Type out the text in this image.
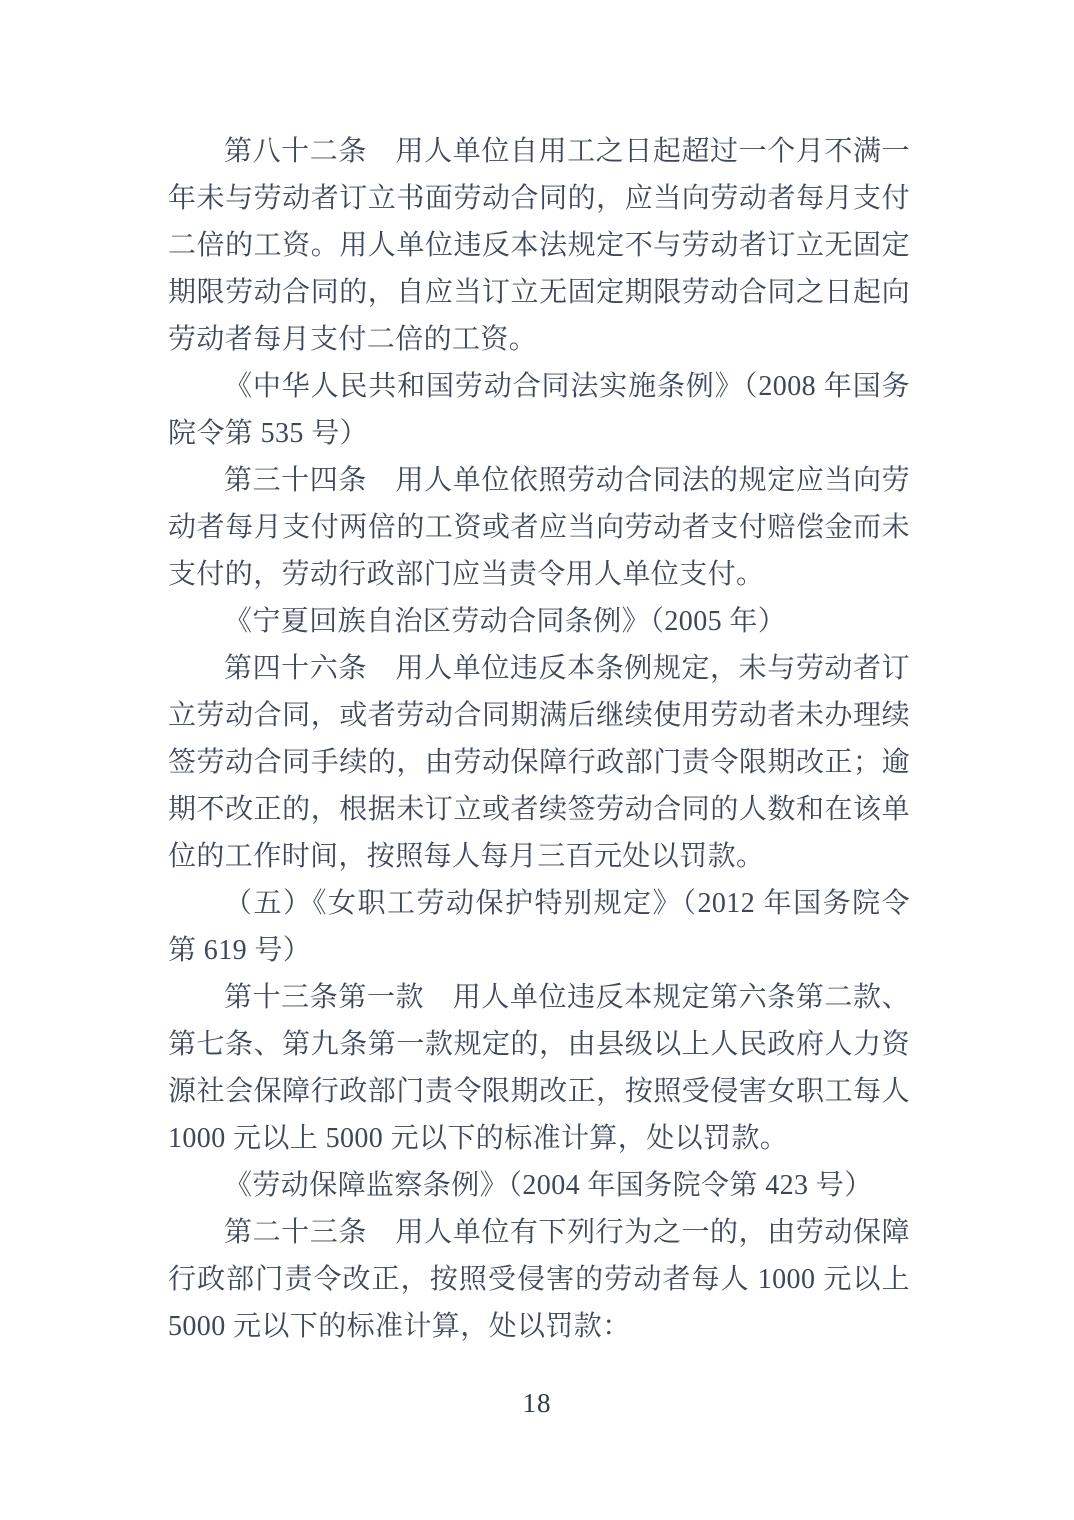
第八十二条　用人单位自用工之日起超过一个月不满一年未与劳动者订立书面劳动合同的，应当向劳动者每月支付二倍的工资。用人单位违反本法规定不与劳动者订立无固定期限劳动合同的，自应当订立无固定期限劳动合同之日起向劳动者每月支付二倍的工资。

《中华人民共和国劳动合同法实施条例》（2008 年国务院令第 535 号）

第三十四条　用人单位依照劳动合同法的规定应当向劳动者每月支付两倍的工资或者应当向劳动者支付赔偿金而未支付的，劳动行政部门应当责令用人单位支付。

《宁夏回族自治区劳动合同条例》（2005 年）

第四十六条　用人单位违反本条例规定，未与劳动者订立劳动合同，或者劳动合同期满后继续使用劳动者未办理续签劳动合同手续的，由劳动保障行政部门责令限期改正；逾期不改正的，根据未订立或者续签劳动合同的人数和在该单位的工作时间，按照每人每月三百元处以罚款。

（五）《女职工劳动保护特别规定》（2012 年国务院令第 619 号）

第十三条第一款　用人单位违反本规定第六条第二款、第七条、第九条第一款规定的，由县级以上人民政府人力资源社会保障行政部门责令限期改正，按照受侵害女职工每人 1000 元以上 5000 元以下的标准计算，处以罚款。

《劳动保障监察条例》（2004 年国务院令第 423 号）

第二十三条　用人单位有下列行为之一的，由劳动保障行政部门责令改正，按照受侵害的劳动者每人 1000 元以上 5000 元以下的标准计算，处以罚款：

18
